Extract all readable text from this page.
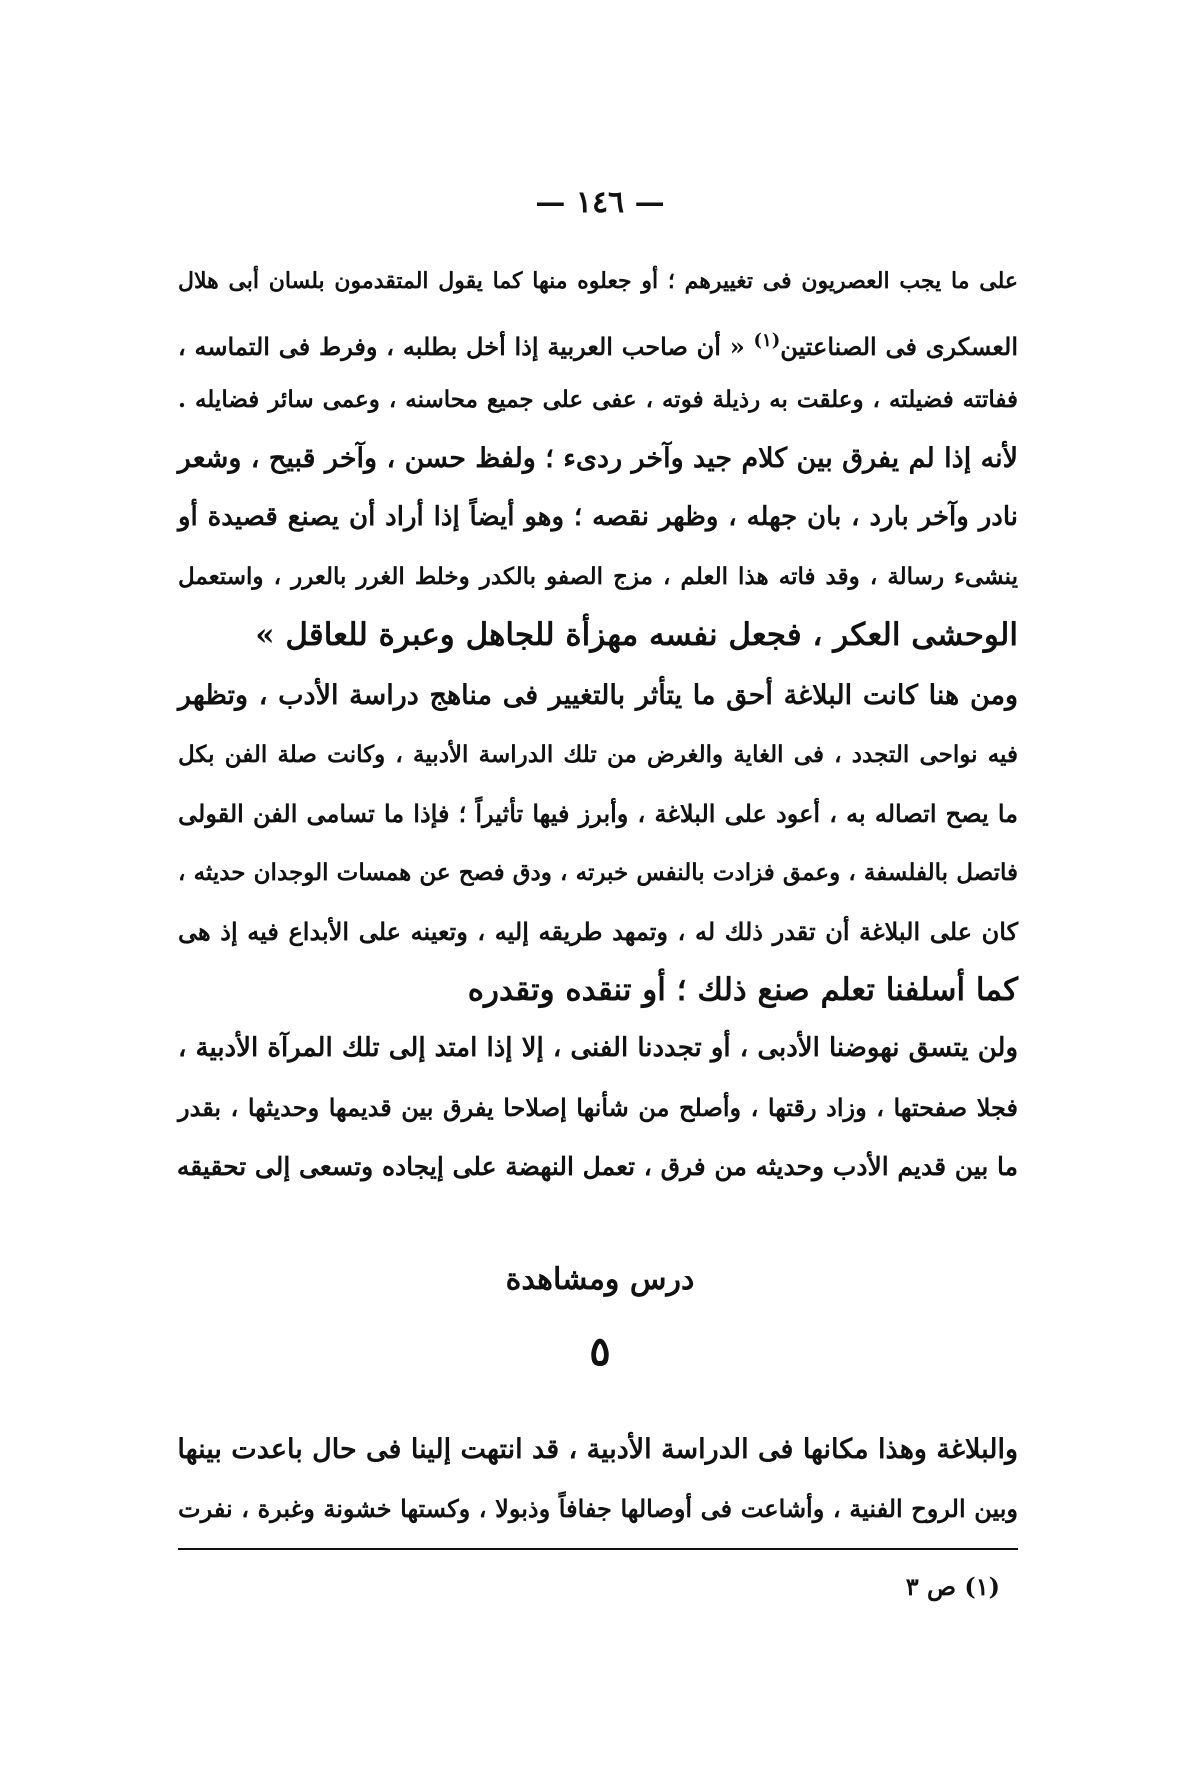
— ١٤٦ —
على ما يجب العصريون فى تغييرهم ؛ أو جعلوه منها كما يقول المتقدمون بلسان أبى هلال
العسكرى فى الصناعتين$^{(١)}$ « أن صاحب العربية إذا أخل بطلبه ، وفرط فى التماسه ،
ففاتته فضيلته ، وعلقت به رذيلة فوته ، عفى على جميع محاسنه ، وعمى سائر فضايله .
لأنه إذا لم يفرق بين كلام جيد وآخر ردىء ؛ ولفظ حسن ، وآخر قبيح ، وشعر
نادر وآخر بارد ، بان جهله ، وظهر نقصه ؛ وهو أيضاً إذا أراد أن يصنع قصيدة أو
ينشىء رسالة ، وقد فاته هذا العلم ، مزج الصفو بالكدر وخلط الغرر بالعرر ، واستعمل
الوحشى العكر ، فجعل نفسه مهزأة للجاهل وعبرة للعاقل »
ومن هنا كانت البلاغة أحق ما يتأثر بالتغيير فى مناهج دراسة الأدب ، وتظهر
فيه نواحى التجدد ، فى الغاية والغرض من تلك الدراسة الأدبية ، وكانت صلة الفن بكل
ما يصح اتصاله به ، أعود على البلاغة ، وأبرز فيها تأثيراً ؛ فإذا ما تسامى الفن القولى
فاتصل بالفلسفة ، وعمق فزادت بالنفس خبرته ، ودق فصح عن همسات الوجدان حديثه ،
كان على البلاغة أن تقدر ذلك له ، وتمهد طريقه إليه ، وتعينه على الأبداع فيه إذ هى
كما أسلفنا تعلم صنع ذلك ؛ أو تنقده وتقدره
ولن يتسق نهوضنا الأدبى ، أو تجددنا الفنى ، إلا إذا امتد إلى تلك المرآة الأدبية ،
فجلا صفحتها ، وزاد رقتها ، وأصلح من شأنها إصلاحا يفرق بين قديمها وحديثها ، بقدر
ما بين قديم الأدب وحديثه من فرق ، تعمل النهضة على إيجاده وتسعى إلى تحقيقه
درس ومشاهدة
٥
والبلاغة وهذا مكانها فى الدراسة الأدبية ، قد انتهت إلينا فى حال باعدت بينها
وبين الروح الفنية ، وأشاعت فى أوصالها جفافاً وذبولا ، وكستها خشونة وغبرة ، نفرت
(١) ص ٣
